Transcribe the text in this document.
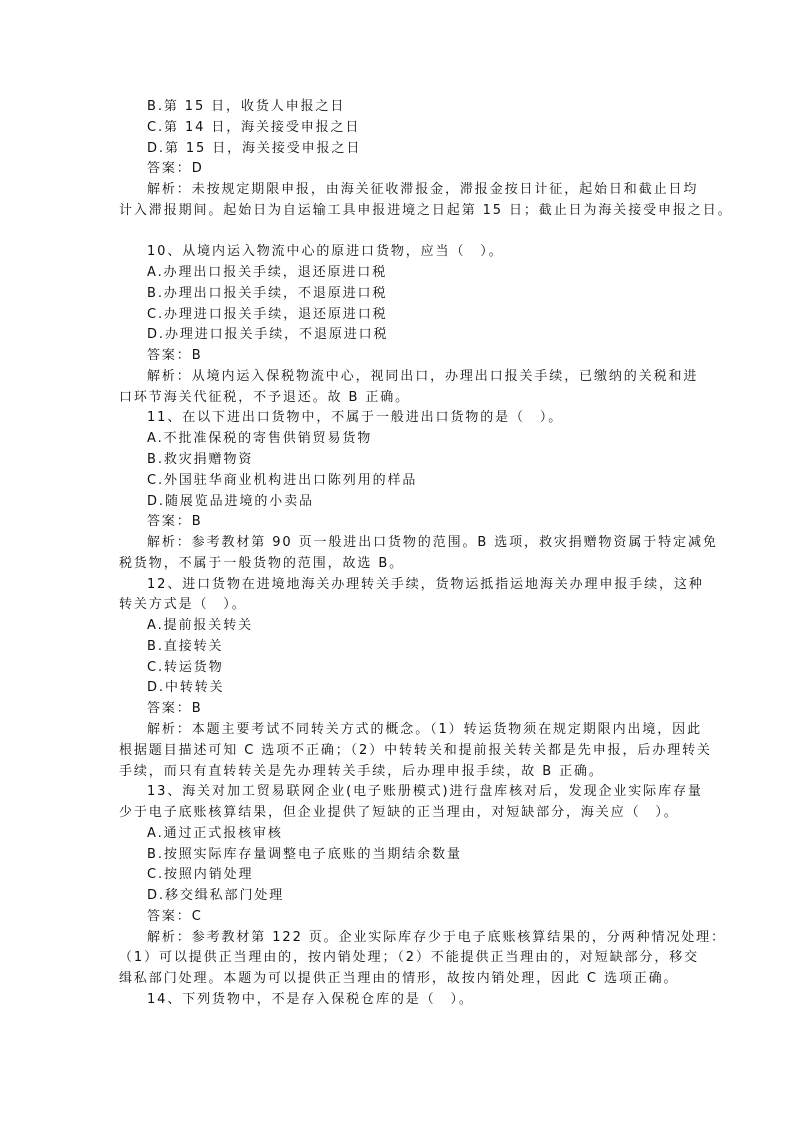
B.第 15 日，收货人申报之日
C.第 14 日，海关接受申报之日
D.第 15 日，海关接受申报之日
答案：D
解析：未按规定期限申报，由海关征收滞报金，滞报金按日计征，起始日和截止日均
计入滞报期间。起始日为自运输工具申报进境之日起第 15 日；截止日为海关接受申报之日。
10、从境内运入物流中心的原进口货物，应当（　）。
A.办理出口报关手续，退还原进口税
B.办理出口报关手续，不退原进口税
C.办理进口报关手续，退还原进口税
D.办理进口报关手续，不退原进口税
答案：B
解析：从境内运入保税物流中心，视同出口，办理出口报关手续，已缴纳的关税和进
口环节海关代征税，不予退还。故 B 正确。
11、在以下进出口货物中，不属于一般进出口货物的是（　）。
A.不批准保税的寄售供销贸易货物
B.救灾捐赠物资
C.外国驻华商业机构进出口陈列用的样品
D.随展览品进境的小卖品
答案：B
解析：参考教材第 90 页一般进出口货物的范围。B 选项，救灾捐赠物资属于特定减免
税货物，不属于一般货物的范围，故选 B。
12、进口货物在进境地海关办理转关手续，货物运抵指运地海关办理申报手续，这种
转关方式是（　）。
A.提前报关转关
B.直接转关
C.转运货物
D.中转转关
答案：B
解析：本题主要考试不同转关方式的概念。（1）转运货物须在规定期限内出境，因此
根据题目描述可知 C 选项不正确；（2）中转转关和提前报关转关都是先申报，后办理转关
手续，而只有直转转关是先办理转关手续，后办理申报手续，故 B 正确。
13、海关对加工贸易联网企业(电子账册模式)进行盘库核对后，发现企业实际库存量
少于电子底账核算结果，但企业提供了短缺的正当理由，对短缺部分，海关应（　）。
A.通过正式报核审核
B.按照实际库存量调整电子底账的当期结余数量
C.按照内销处理
D.移交缉私部门处理
答案：C
解析：参考教材第 122 页。企业实际库存少于电子底账核算结果的，分两种情况处理：
（1）可以提供正当理由的，按内销处理；（2）不能提供正当理由的，对短缺部分，移交
缉私部门处理。本题为可以提供正当理由的情形，故按内销处理，因此 C 选项正确。
14、下列货物中，不是存入保税仓库的是（　）。
